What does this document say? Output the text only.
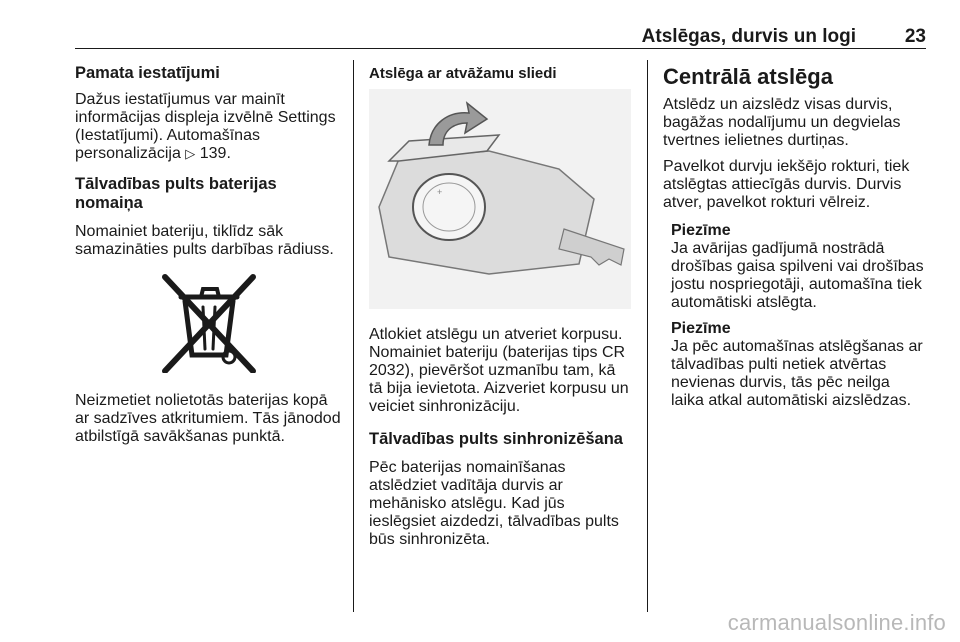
Atslēgas, durvis un logi	23
Pamata iestatījumi

Dažus iestatījumus var mainīt informācijas displeja izvēlnē Settings (Iestatījumi). Automašīnas personalizācija ▷ 139.

Tālvadības pults baterijas nomaiņa

Nomainiet bateriju, tiklīdz sāk samazināties pults darbības rādiuss.

Neizmetiet nolietotās baterijas kopā ar sadzīves atkritumiem. Tās jānodod atbilstīgā savākšanas punktā.

Atslēga ar atvāžamu sliedi
+

Atlokiet atslēgu un atveriet korpusu. Nomainiet bateriju (baterijas tips CR 2032), pievēršot uzmanību tam, kā tā bija ievietota. Aizveriet korpusu un veiciet sinhronizāciju.

Tālvadības pults sinhronizēšana

Pēc baterijas nomainīšanas atslēdziet vadītāja durvis ar mehānisko atslēgu. Kad jūs ieslēgsiet aizdedzi, tālvadības pults būs sinhronizēta.

Centrālā atslēga

Atslēdz un aizslēdz visas durvis, bagāžas nodalījumu un degvielas tvertnes ielietnes durtiņas.

Pavelkot durvju iekšējo rokturi, tiek atslēgtas attiecīgās durvis. Durvis atver, pavelkot rokturi vēlreiz.

Piezīme

Ja avārijas gadījumā nostrādā drošības gaisa spilveni vai drošības jostu nospriegotāji, automašīna tiek automātiski atslēgta.

Piezīme

Ja pēc automašīnas atslēgšanas ar tālvadības pulti netiek atvērtas nevienas durvis, tās pēc neilga laika atkal automātiski aizslēdzas.

carmanualsonline.info
